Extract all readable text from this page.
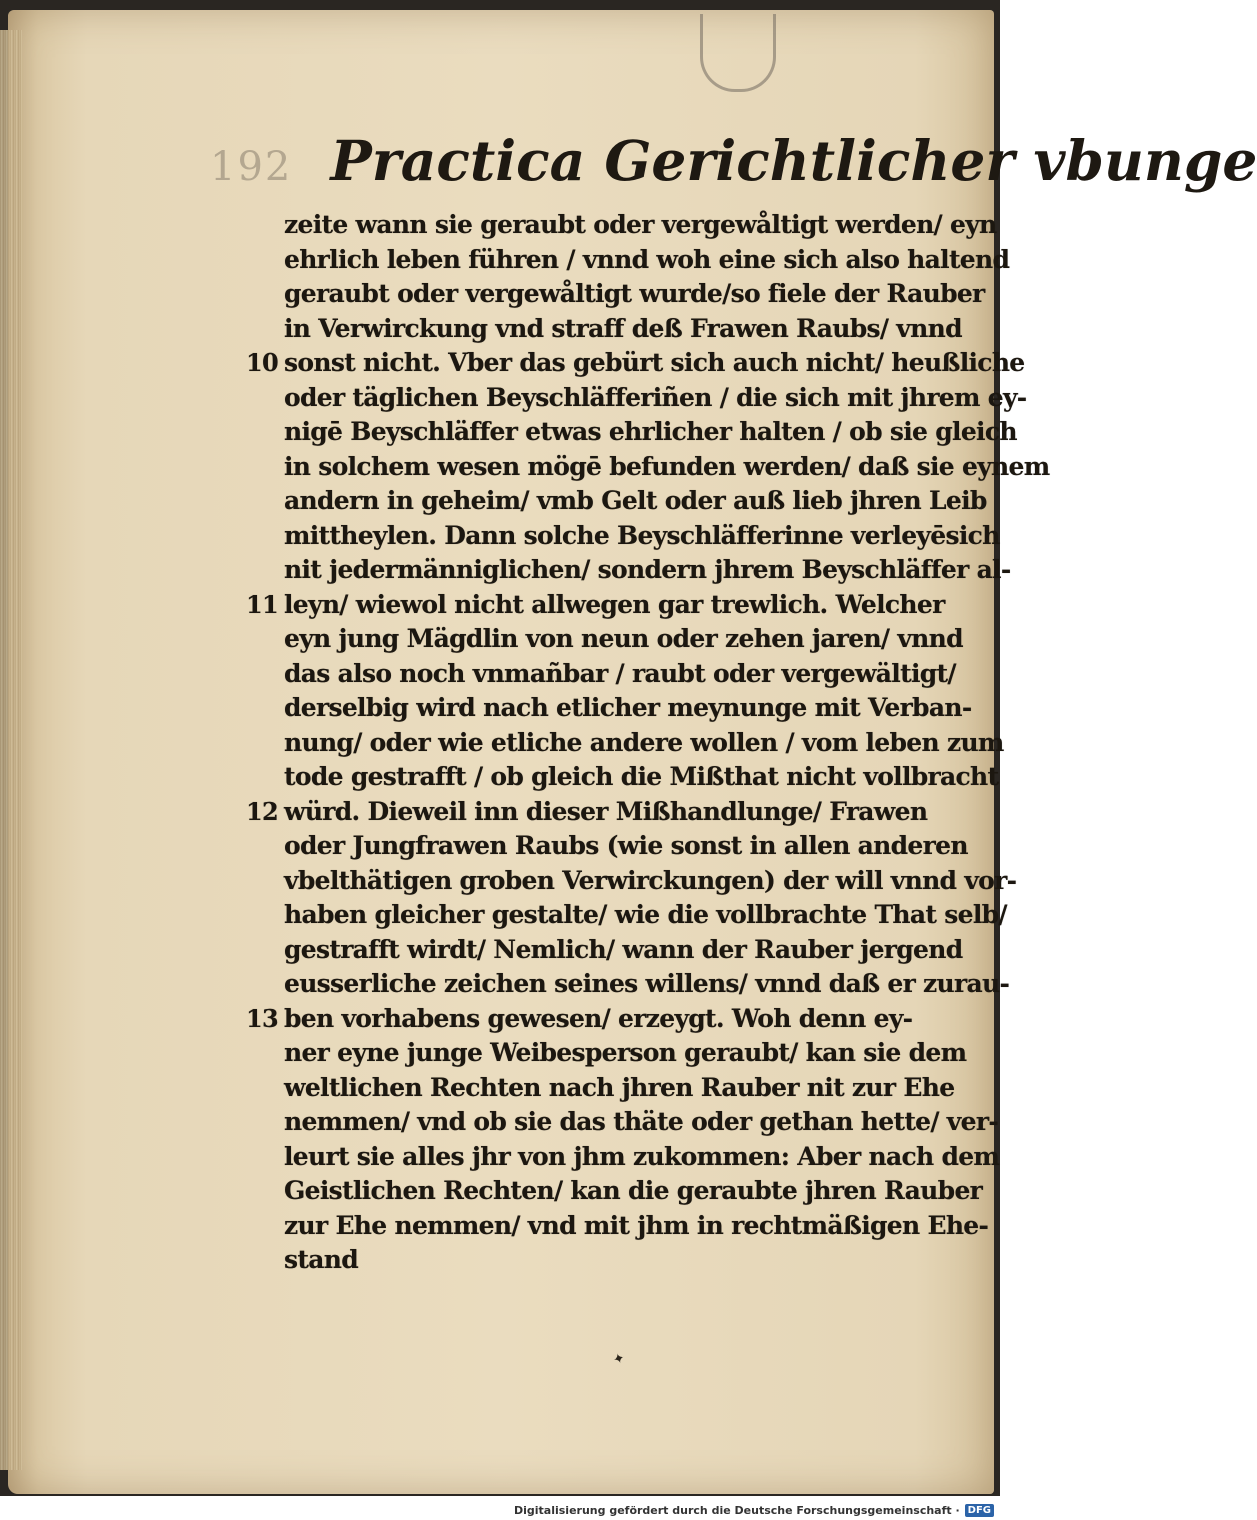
192 Practica Gerichtlicher vbunge
zeite wann sie geraubt oder vergewåltigt werden/ eyn
ehrlich leben führen / vnnd woh eine sich also haltend
geraubt oder vergewåltigt wurde/so fiele der Rauber
in Verwirckung vnd straff deß Frawen Raubs/ vnnd
10 sonst nicht. Vber das gebürt sich auch nicht/ heußliche
oder täglichen Beyschläfferiñen / die sich mit jhrem ey-
nigē Beyschläffer etwas ehrlicher halten / ob sie gleich
in solchem wesen mögē befunden werden/ daß sie eynem
andern in geheim/ vmb Gelt oder auß lieb jhren Leib
mittheylen. Dann solche Beyschläfferinne verleyēsich
nit jedermänniglichen/ sondern jhrem Beyschläffer al-
11 leyn/ wiewol nicht allwegen gar trewlich. Welcher
eyn jung Mägdlin von neun oder zehen jaren/ vnnd
das also noch vnmañbar / raubt oder vergewältigt/
derselbig wird nach etlicher meynunge mit Verban-
nung/ oder wie etliche andere wollen / vom leben zum
tode gestrafft / ob gleich die Mißthat nicht vollbracht
12 würd. Dieweil inn dieser Mißhandlunge/ Frawen
oder Jungfrawen Raubs (wie sonst in allen anderen
vbelthätigen groben Verwirckungen) der will vnnd vor-
haben gleicher gestalte/ wie die vollbrachte That selb/
gestrafft wirdt/ Nemlich/ wann der Rauber jergend
eusserliche zeichen seines willens/ vnnd daß er zurau-
13 ben vorhabens gewesen/ erzeygt. Woh denn ey-
ner eyne junge Weibesperson geraubt/ kan sie dem
weltlichen Rechten nach jhren Rauber nit zur Ehe
nemmen/ vnd ob sie das thäte oder gethan hette/ ver-
leurt sie alles jhr von jhm zukommen: Aber nach dem
Geistlichen Rechten/ kan die geraubte jhren Rauber
zur Ehe nemmen/ vnd mit jhm in rechtmäßigen Ehe-
stand
✦
Digitalisierung gefördert durch die Deutsche Forschungsgemeinschaft · DFG
